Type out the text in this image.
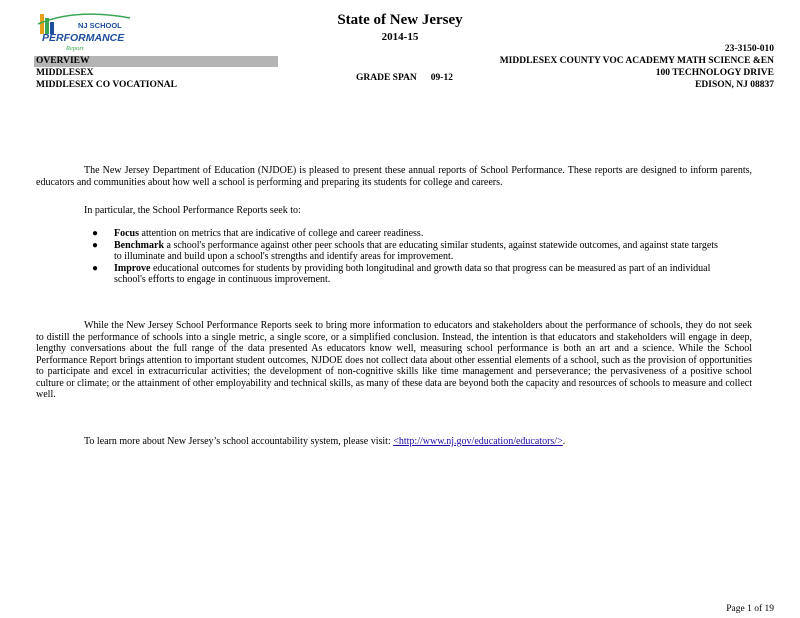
NJ SCHOOL
PERFORMANCE
Report
State of New Jersey
2014-15
OVERVIEW
MIDDLESEX
MIDDLESEX CO VOCATIONAL
GRADE SPAN 09-12
23-3150-010
MIDDLESEX COUNTY VOC ACADEMY MATH SCIENCE &EN
100 TECHNOLOGY DRIVE
EDISON, NJ 08837
The New Jersey Department of Education (NJDOE) is pleased to present these annual reports of School Performance. These reports are designed to inform parents, educators and communities about how well a school is performing and preparing its students for college and careers.
In particular, the School Performance Reports seek to:
● Focus attention on metrics that are indicative of college and career readiness.
● Benchmark a school's performance against other peer schools that are educating similar students, against statewide outcomes, and against state targets to illuminate and build upon a school's strengths and identify areas for improvement.
● Improve educational outcomes for students by providing both longitudinal and growth data so that progress can be measured as part of an individual school's efforts to engage in continuous improvement.
While the New Jersey School Performance Reports seek to bring more information to educators and stakeholders about the performance of schools, they do not seek to distill the performance of schools into a single metric, a single score, or a simplified conclusion. Instead, the intention is that educators and stakeholders will engage in deep, lengthy conversations about the full range of the data presented As educators know well, measuring school performance is both an art and a science. While the School Performance Report brings attention to important student outcomes, NJDOE does not collect data about other essential elements of a school, such as the provision of opportunities to participate and excel in extracurricular activities; the development of non-cognitive skills like time management and perseverance; the pervasiveness of a positive school culture or climate; or the attainment of other employability and technical skills, as many of these data are beyond both the capacity and resources of schools to measure and collect well.
To learn more about New Jersey’s school accountability system, please visit: <http://www.nj.gov/education/educators/>.
Page 1 of 19
